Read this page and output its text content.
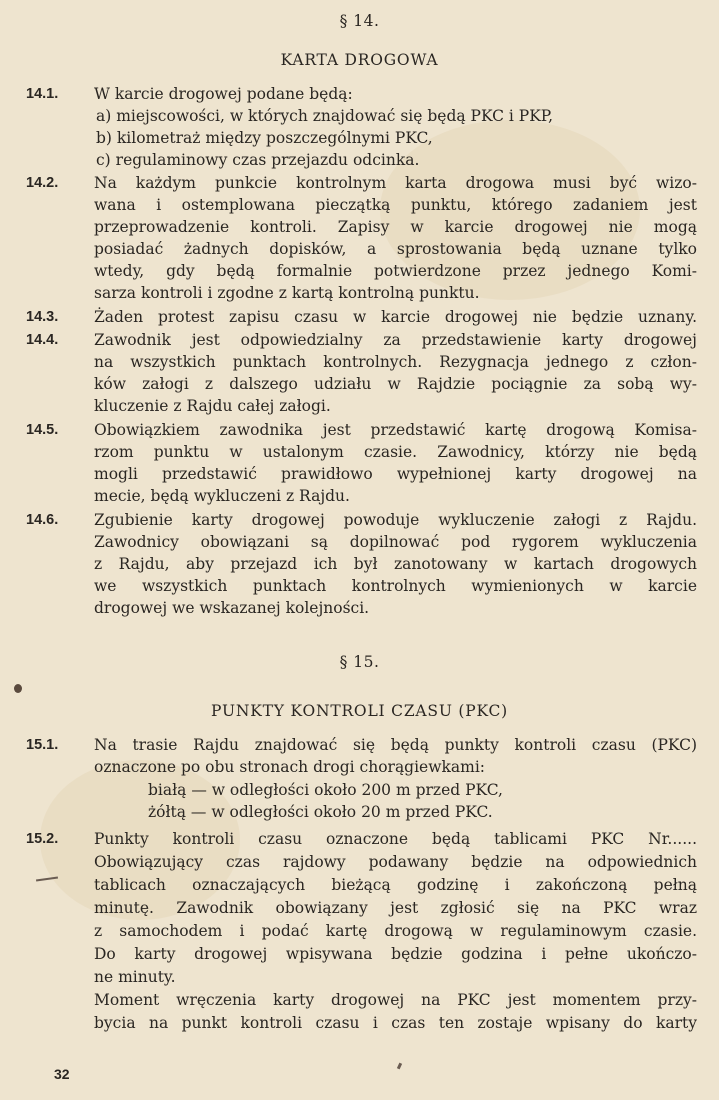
§ 14.
KARTA DROGOWA
14.1. W karcie drogowej podane będą:
a) miejscowości, w których znajdować się będą PKC i PKP,
b) kilometraż między poszczególnymi PKC,
c) regulaminowy czas przejazdu odcinka.
14.2. Na każdym punkcie kontrolnym karta drogowa musi być wizo-
wana i ostemplowana pieczątką punktu, którego zadaniem jest
przeprowadzenie kontroli. Zapisy w karcie drogowej nie mogą
posiadać żadnych dopisków, a sprostowania będą uznane tylko
wtedy, gdy będą formalnie potwierdzone przez jednego Komi-
sarza kontroli i zgodne z kartą kontrolną punktu.
14.3. Żaden protest zapisu czasu w karcie drogowej nie będzie uznany.
14.4. Zawodnik jest odpowiedzialny za przedstawienie karty drogowej
na wszystkich punktach kontrolnych. Rezygnacja jednego z człon-
ków załogi z dalszego udziału w Rajdzie pociągnie za sobą wy-
kluczenie z Rajdu całej załogi.
14.5. Obowiązkiem zawodnika jest przedstawić kartę drogową Komisa-
rzom punktu w ustalonym czasie. Zawodnicy, którzy nie będą
mogli przedstawić prawidłowo wypełnionej karty drogowej na
mecie, będą wykluczeni z Rajdu.
14.6. Zgubienie karty drogowej powoduje wykluczenie załogi z Rajdu.
Zawodnicy obowiązani są dopilnować pod rygorem wykluczenia
z Rajdu, aby przejazd ich był zanotowany w kartach drogowych
we wszystkich punktach kontrolnych wymienionych w karcie
drogowej we wskazanej kolejności.
§ 15.
PUNKTY KONTROLI CZASU (PKC)
15.1. Na trasie Rajdu znajdować się będą punkty kontroli czasu (PKC)
oznaczone po obu stronach drogi chorągiewkami:
białą — w odległości około 200 m przed PKC,
żółtą — w odległości około 20 m przed PKC.
15.2. Punkty kontroli czasu oznaczone będą tablicami PKC Nr......
Obowiązujący czas rajdowy podawany będzie na odpowiednich
tablicach oznaczających bieżącą godzinę i zakończoną pełną
minutę. Zawodnik obowiązany jest zgłosić się na PKC wraz
z samochodem i podać kartę drogową w regulaminowym czasie.
Do karty drogowej wpisywana będzie godzina i pełne ukończo-
ne minuty.
Moment wręczenia karty drogowej na PKC jest momentem przy-
bycia na punkt kontroli czasu i czas ten zostaje wpisany do karty
32
